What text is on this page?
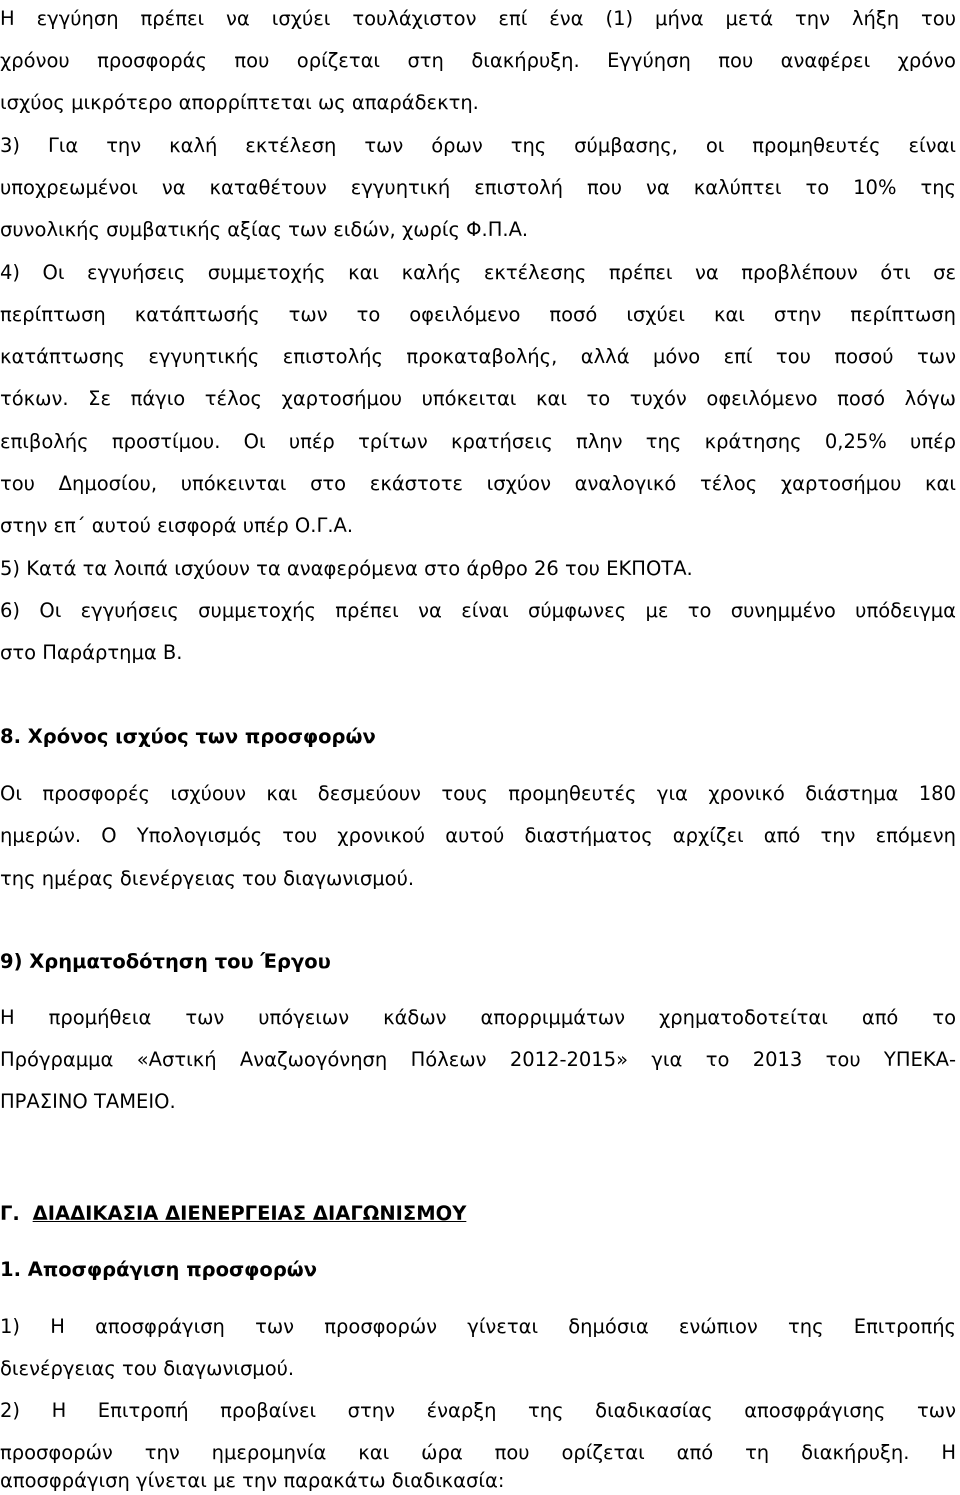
Η εγγύηση πρέπει να ισχύει τουλάχιστον επί ένα (1) μήνα μετά την λήξη του
χρόνου προσφοράς που ορίζεται στη διακήρυξη. Εγγύηση που αναφέρει χρόνο
ισχύος μικρότερο απορρίπτεται ως απαράδεκτη.
3) Για την καλή εκτέλεση των όρων της σύμβασης, οι προμηθευτές είναι
υποχρεωμένοι να καταθέτουν εγγυητική επιστολή που να καλύπτει το 10% της
συνολικής συμβατικής αξίας των ειδών, χωρίς Φ.Π.Α.
4) Οι εγγυήσεις συμμετοχής και καλής εκτέλεσης πρέπει να προβλέπουν ότι σε
περίπτωση κατάπτωσής των το οφειλόμενο ποσό ισχύει και στην περίπτωση
κατάπτωσης εγγυητικής επιστολής προκαταβολής, αλλά μόνο επί του ποσού των
τόκων. Σε πάγιο τέλος χαρτοσήμου υπόκειται και το τυχόν οφειλόμενο ποσό λόγω
επιβολής προστίμου. Οι υπέρ τρίτων κρατήσεις πλην της κράτησης 0,25% υπέρ
του Δημοσίου, υπόκεινται στο εκάστοτε ισχύον αναλογικό τέλος χαρτοσήμου και
στην επ΄ αυτού εισφορά υπέρ Ο.Γ.Α.
5) Κατά τα λοιπά ισχύουν τα αναφερόμενα στο άρθρο 26 του ΕΚΠΟΤΑ.
6) Οι εγγυήσεις συμμετοχής πρέπει να είναι σύμφωνες με το συνημμένο υπόδειγμα
στο Παράρτημα Β.
8. Χρόνος ισχύος των προσφορών
Οι προσφορές ισχύουν και δεσμεύουν τους προμηθευτές για χρονικό διάστημα 180
ημερών. Ο Υπολογισμός του χρονικού αυτού διαστήματος αρχίζει από την επόμενη
της ημέρας διενέργειας του διαγωνισμού.
9) Χρηματοδότηση του Έργου
Η προμήθεια των υπόγειων κάδων απορριμμάτων χρηματοδοτείται από το
Πρόγραμμα «Αστική Αναζωογόνηση Πόλεων 2012-2015» για το 2013 του ΥΠΕΚΑ-
ΠΡΑΣΙΝΟ ΤΑΜΕΙΟ.
Γ. ΔΙΑΔΙΚΑΣΙΑ ΔΙΕΝΕΡΓΕΙΑΣ ΔΙΑΓΩΝΙΣΜΟΥ
1. Αποσφράγιση προσφορών
1) Η αποσφράγιση των προσφορών γίνεται δημόσια ενώπιον της Επιτροπής
διενέργειας του διαγωνισμού.
2) Η Επιτροπή προβαίνει στην έναρξη της διαδικασίας αποσφράγισης των
προσφορών την ημερομηνία και ώρα που ορίζεται από τη διακήρυξη. Η
αποσφράγιση γίνεται με την παρακάτω διαδικασία:
